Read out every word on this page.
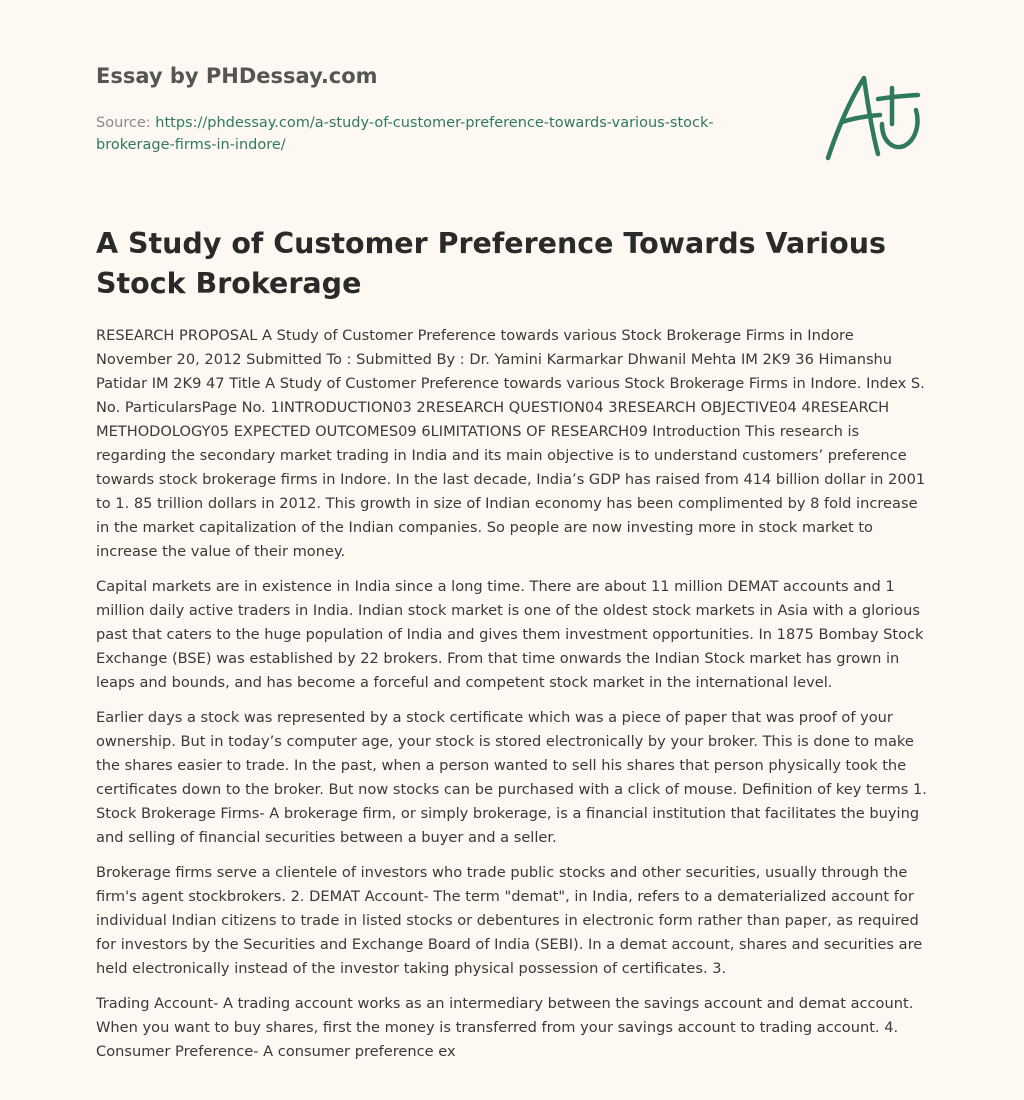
Essay by PHDessay.com
Source: https://phdessay.com/a-study-of-customer-preference-towards-various-stock-brokerage-firms-in-indore/
A Study of Customer Preference Towards Various Stock Brokerage

RESEARCH PROPOSAL A Study of Customer Preference towards various Stock Brokerage Firms in Indore November 20, 2012 Submitted To : Submitted By : Dr. Yamini Karmarkar Dhwanil Mehta IM 2K9 36 Himanshu Patidar IM 2K9 47 Title A Study of Customer Preference towards various Stock Brokerage Firms in Indore. Index S. No. ParticularsPage No. 1INTRODUCTION03 2RESEARCH QUESTION04 3RESEARCH OBJECTIVE04 4RESEARCH METHODOLOGY05 EXPECTED OUTCOMES09 6LIMITATIONS OF RESEARCH09 Introduction This research is regarding the secondary market trading in India and its main objective is to understand customers’ preference towards stock brokerage firms in Indore. In the last decade, India’s GDP has raised from 414 billion dollar in 2001 to 1. 85 trillion dollars in 2012. This growth in size of Indian economy has been complimented by 8 fold increase in the market capitalization of the Indian companies. So people are now investing more in stock market to increase the value of their money.

Capital markets are in existence in India since a long time. There are about 11 million DEMAT accounts and 1 million daily active traders in India. Indian stock market is one of the oldest stock markets in Asia with a glorious past that caters to the huge population of India and gives them investment opportunities. In 1875 Bombay Stock Exchange (BSE) was established by 22 brokers. From that time onwards the Indian Stock market has grown in leaps and bounds, and has become a forceful and competent stock market in the international level.

Earlier days a stock was represented by a stock certificate which was a piece of paper that was proof of your ownership. But in today’s computer age, your stock is stored electronically by your broker. This is done to make the shares easier to trade. In the past, when a person wanted to sell his shares that person physically took the certificates down to the broker. But now stocks can be purchased with a click of mouse. Definition of key terms 1. Stock Brokerage Firms- A brokerage firm, or simply brokerage, is a financial institution that facilitates the buying and selling of financial securities between a buyer and a seller.

Brokerage firms serve a clientele of investors who trade public stocks and other securities, usually through the firm's agent stockbrokers. 2. DEMAT Account- The term "demat", in India, refers to a dematerialized account for individual Indian citizens to trade in listed stocks or debentures in electronic form rather than paper, as required for investors by the Securities and Exchange Board of India (SEBI). In a demat account, shares and securities are held electronically instead of the investor taking physical possession of certificates. 3.

Trading Account- A trading account works as an intermediary between the savings account and demat account. When you want to buy shares, first the money is transferred from your savings account to trading account. 4. Consumer Preference- A consumer preference ex
